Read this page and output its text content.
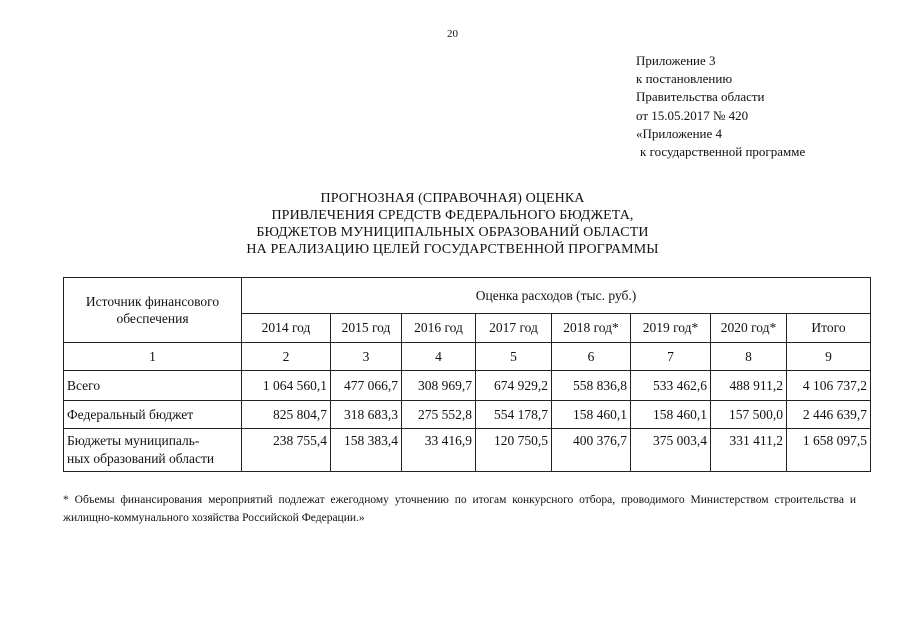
20
Приложение 3
к постановлению
Правительства области
от 15.05.2017 № 420
«Приложение 4
к государственной программе
ПРОГНОЗНАЯ (СПРАВОЧНАЯ) ОЦЕНКА
ПРИВЛЕЧЕНИЯ СРЕДСТВ ФЕДЕРАЛЬНОГО БЮДЖЕТА,
БЮДЖЕТОВ МУНИЦИПАЛЬНЫХ ОБРАЗОВАНИЙ ОБЛАСТИ
НА РЕАЛИЗАЦИЮ ЦЕЛЕЙ ГОСУДАРСТВЕННОЙ ПРОГРАММЫ
Источник финансового
обеспечения	Оценка расходов (тыс. руб.)							
	2014 год	2015 год	2016 год	2017 год	2018 год*	2019 год*	2020 год*	Итого
1	2	3	4	5	6	7	8	9

Всего	1 064 560,1	477 066,7	308 969,7	674 929,2	558 836,8	533 462,6	488 911,2	4 106 737,2

Федеральный бюджет	825 804,7	318 683,3	275 552,8	554 178,7	158 460,1	158 460,1	157 500,0	2 446 639,7

Бюджеты муниципаль-
ных образований области	238 755,4	158 383,4	33 416,9	120 750,5	400 376,7	375 003,4	331 411,2	1 658 097,5
* Объемы финансирования мероприятий подлежат ежегодному уточнению по итогам конкурсного отбора, проводимого Министерством строительства и жилищно-коммунального хозяйства Российской Федерации.»
